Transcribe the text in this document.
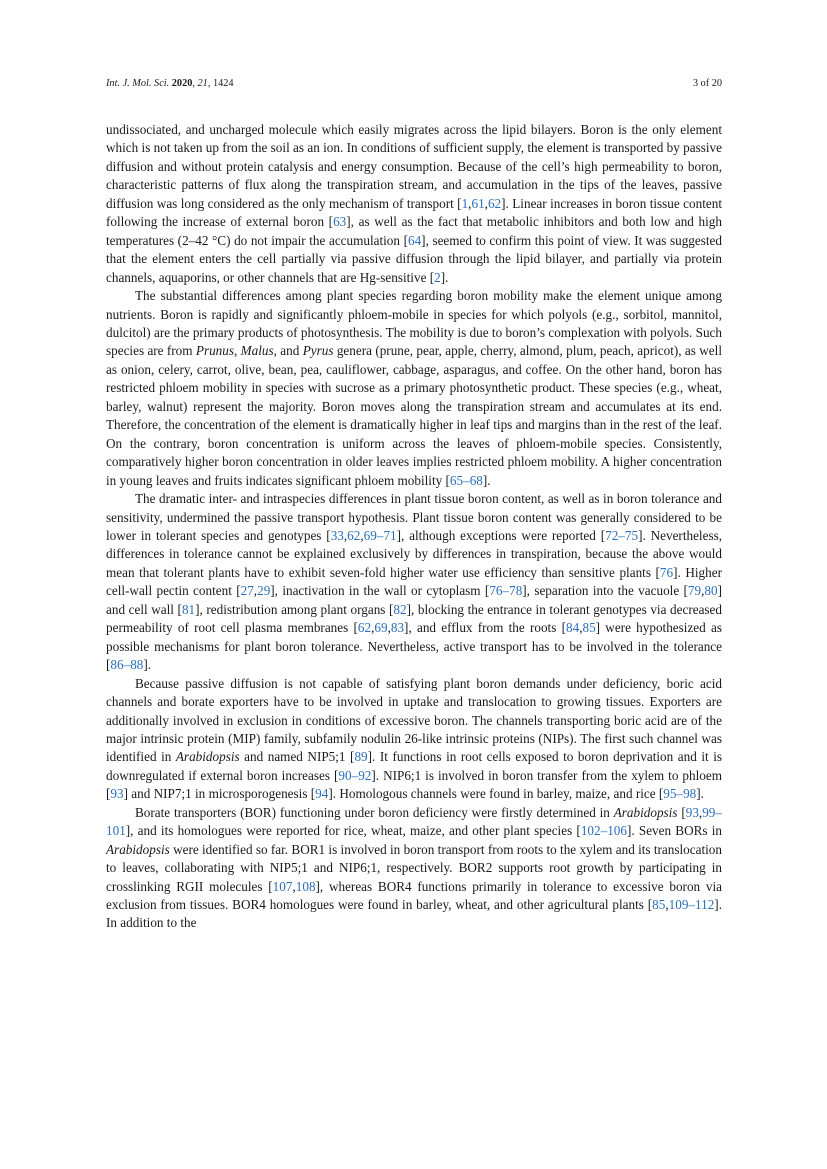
Int. J. Mol. Sci. 2020, 21, 1424	3 of 20

undissociated, and uncharged molecule which easily migrates across the lipid bilayers. Boron is the only element which is not taken up from the soil as an ion. In conditions of sufficient supply, the element is transported by passive diffusion and without protein catalysis and energy consumption. Because of the cell’s high permeability to boron, characteristic patterns of flux along the transpiration stream, and accumulation in the tips of the leaves, passive diffusion was long considered as the only mechanism of transport [1,61,62]. Linear increases in boron tissue content following the increase of external boron [63], as well as the fact that metabolic inhibitors and both low and high temperatures (2–42 °C) do not impair the accumulation [64], seemed to confirm this point of view. It was suggested that the element enters the cell partially via passive diffusion through the lipid bilayer, and partially via protein channels, aquaporins, or other channels that are Hg-sensitive [2].

The substantial differences among plant species regarding boron mobility make the element unique among nutrients. Boron is rapidly and significantly phloem-mobile in species for which polyols (e.g., sorbitol, mannitol, dulcitol) are the primary products of photosynthesis. The mobility is due to boron’s complexation with polyols. Such species are from Prunus, Malus, and Pyrus genera (prune, pear, apple, cherry, almond, plum, peach, apricot), as well as onion, celery, carrot, olive, bean, pea, cauliflower, cabbage, asparagus, and coffee. On the other hand, boron has restricted phloem mobility in species with sucrose as a primary photosynthetic product. These species (e.g., wheat, barley, walnut) represent the majority. Boron moves along the transpiration stream and accumulates at its end. Therefore, the concentration of the element is dramatically higher in leaf tips and margins than in the rest of the leaf. On the contrary, boron concentration is uniform across the leaves of phloem-mobile species. Consistently, comparatively higher boron concentration in older leaves implies restricted phloem mobility. A higher concentration in young leaves and fruits indicates significant phloem mobility [65–68].

The dramatic inter- and intraspecies differences in plant tissue boron content, as well as in boron tolerance and sensitivity, undermined the passive transport hypothesis. Plant tissue boron content was generally considered to be lower in tolerant species and genotypes [33,62,69–71], although exceptions were reported [72–75]. Nevertheless, differences in tolerance cannot be explained exclusively by differences in transpiration, because the above would mean that tolerant plants have to exhibit seven-fold higher water use efficiency than sensitive plants [76]. Higher cell-wall pectin content [27,29], inactivation in the wall or cytoplasm [76–78], separation into the vacuole [79,80] and cell wall [81], redistribution among plant organs [82], blocking the entrance in tolerant genotypes via decreased permeability of root cell plasma membranes [62,69,83], and efflux from the roots [84,85] were hypothesized as possible mechanisms for plant boron tolerance. Nevertheless, active transport has to be involved in the tolerance [86–88].

Because passive diffusion is not capable of satisfying plant boron demands under deficiency, boric acid channels and borate exporters have to be involved in uptake and translocation to growing tissues. Exporters are additionally involved in exclusion in conditions of excessive boron. The channels transporting boric acid are of the major intrinsic protein (MIP) family, subfamily nodulin 26-like intrinsic proteins (NIPs). The first such channel was identified in Arabidopsis and named NIP5;1 [89]. It functions in root cells exposed to boron deprivation and it is downregulated if external boron increases [90–92]. NIP6;1 is involved in boron transfer from the xylem to phloem [93] and NIP7;1 in microsporogenesis [94]. Homologous channels were found in barley, maize, and rice [95–98].

Borate transporters (BOR) functioning under boron deficiency were firstly determined in Arabidopsis [93,99–101], and its homologues were reported for rice, wheat, maize, and other plant species [102–106]. Seven BORs in Arabidopsis were identified so far. BOR1 is involved in boron transport from roots to the xylem and its translocation to leaves, collaborating with NIP5;1 and NIP6;1, respectively. BOR2 supports root growth by participating in crosslinking RGII molecules [107,108], whereas BOR4 functions primarily in tolerance to excessive boron via exclusion from tissues. BOR4 homologues were found in barley, wheat, and other agricultural plants [85,109–112]. In addition to the
